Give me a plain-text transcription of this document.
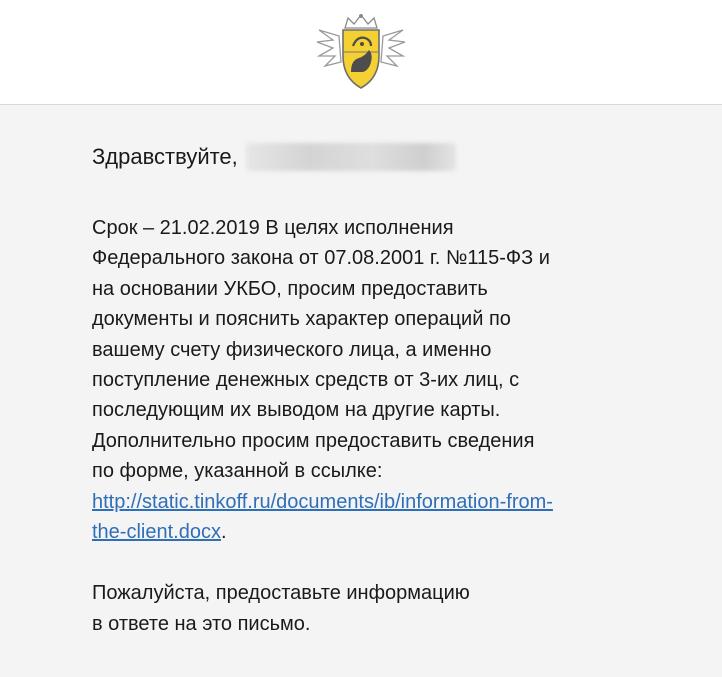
Здравствуйте,

Срок – 21.02.2019 В целях исполнения

Федерального закона от 07.08.2001 г. №115-ФЗ и

на основании УКБО, просим предоставить

документы и пояснить характер операций по

вашему счету физического лица, а именно

поступление денежных средств от 3-их лиц, с

последующим их выводом на другие карты.

Дополнительно просим предоставить сведения

по форме, указанной в ссылке:

http://static.tinkoff.ru/documents/ib/information-from-

the-client.docx.

Пожалуйста, предоставьте информацию

в ответе на это письмо.
